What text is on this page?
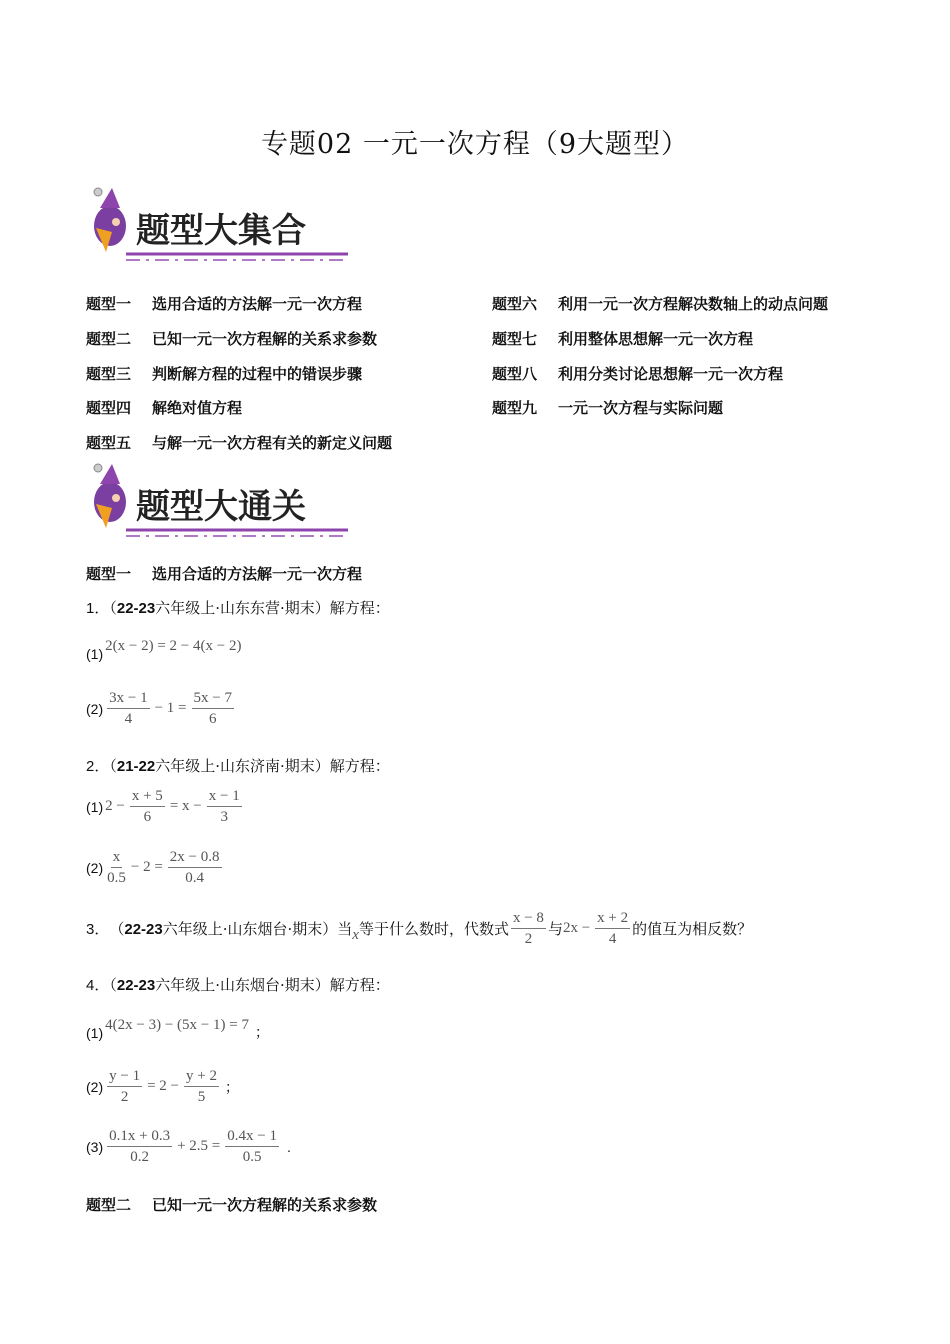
专题02 一元一次方程（9大题型）
题型大集合
题型一 选用合适的方法解一元一次方程
题型二 已知一元一次方程解的关系求参数
题型三 判断解方程的过程中的错误步骤
题型四 解绝对值方程
题型五 与解一元一次方程有关的新定义问题
题型六 利用一元一次方程解决数轴上的动点问题
题型七 利用整体思想解一元一次方程
题型八 利用分类讨论思想解一元一次方程
题型九 一元一次方程与实际问题
题型大通关
题型一 选用合适的方法解一元一次方程
1．（22-23六年级上·山东东营·期末）解方程：
(1)
2(x − 2) = 2 − 4(x − 2)
$(2) \frac{3x - 1}{4} - 1 = \frac{5x - 7}{6}$
2．（21-22六年级上·山东济南·期末）解方程：
(1) $2 - \frac{x + 5}{6} = x - \frac{x - 1}{3}$
$(2) \frac{x}{0.5} - 2 = \frac{2x - 0.8}{0.4}$
3． （ 22-23六年级上·山东烟台·期末）当 x 等于什么数时，代数式 $\frac{x - 8}{2}$ 与 $2x - \frac{x + 2}{4}$ 的值互为相反数？
4．（22-23六年级上·山东烟台·期末）解方程：
(1)
4(2x − 3) − (5x − 1) = 7 ；
$(2) \frac{y - 1}{2} = 2 - \frac{y + 2}{5}$ ；
$(3) \frac{0.1x + 0.3}{0.2} + 2.5 = \frac{0.4x - 1}{0.5}$ .
题型二 已知一元一次方程解的关系求参数
